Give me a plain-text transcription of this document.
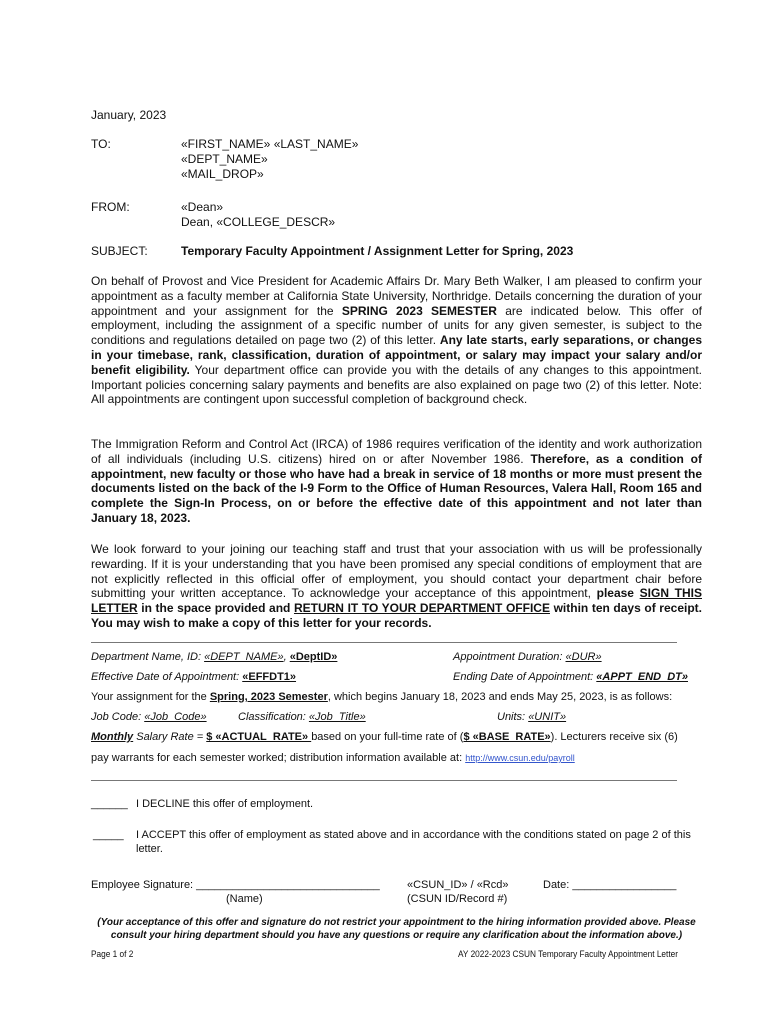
January, 2023
TO:	«FIRST_NAME» «LAST_NAME»
«DEPT_NAME»
«MAIL_DROP»
FROM:	«Dean»
Dean, «COLLEGE_DESCR»
SUBJECT:	Temporary Faculty Appointment / Assignment Letter for Spring, 2023
On behalf of Provost and Vice President for Academic Affairs Dr. Mary Beth Walker, I am pleased to confirm your appointment as a faculty member at California State University, Northridge. Details concerning the duration of your appointment and your assignment for the SPRING 2023 SEMESTER are indicated below. This offer of employment, including the assignment of a specific number of units for any given semester, is subject to the conditions and regulations detailed on page two (2) of this letter. Any late starts, early separations, or changes in your timebase, rank, classification, duration of appointment, or salary may impact your salary and/or benefit eligibility. Your department office can provide you with the details of any changes to this appointment. Important policies concerning salary payments and benefits are also explained on page two (2) of this letter. Note: All appointments are contingent upon successful completion of background check.
The Immigration Reform and Control Act (IRCA) of 1986 requires verification of the identity and work authorization of all individuals (including U.S. citizens) hired on or after November 1986. Therefore, as a condition of appointment, new faculty or those who have had a break in service of 18 months or more must present the documents listed on the back of the I-9 Form to the Office of Human Resources, Valera Hall, Room 165 and complete the Sign-In Process, on or before the effective date of this appointment and not later than January 18, 2023.
We look forward to your joining our teaching staff and trust that your association with us will be professionally rewarding. If it is your understanding that you have been promised any special conditions of employment that are not explicitly reflected in this official offer of employment, you should contact your department chair before submitting your written acceptance. To acknowledge your acceptance of this appointment, please SIGN THIS LETTER in the space provided and RETURN IT TO YOUR DEPARTMENT OFFICE within ten days of receipt. You may wish to make a copy of this letter for your records.
Department Name, ID: «DEPT_NAME», «DeptID»	Appointment Duration: «DUR»
Effective Date of Appointment: «EFFDT1»	Ending Date of Appointment: «APPT_END_DT»
Your assignment for the Spring, 2023 Semester, which begins January 18, 2023 and ends May 25, 2023, is as follows:
Job Code: «Job_Code»	Classification: «Job_Title»	Units: «UNIT»
Monthly Salary Rate = $ «ACTUAL_RATE» based on your full-time rate of ($ «BASE_RATE»). Lecturers receive six (6)
pay warrants for each semester worked; distribution information available at: http://www.csun.edu/payroll
______ I DECLINE this offer of employment.
_____ I ACCEPT this offer of employment as stated above and in accordance with the conditions stated on page 2 of this letter.
Employee Signature: ______________________________
(Name)
«CSUN_ID» / «Rcd»
(CSUN ID/Record #)
Date: _________________
(Your acceptance of this offer and signature do not restrict your appointment to the hiring information provided above. Please consult your hiring department should you have any questions or require any clarification about the information above.)
Page 1 of 2	AY 2022-2023 CSUN Temporary Faculty Appointment Letter
